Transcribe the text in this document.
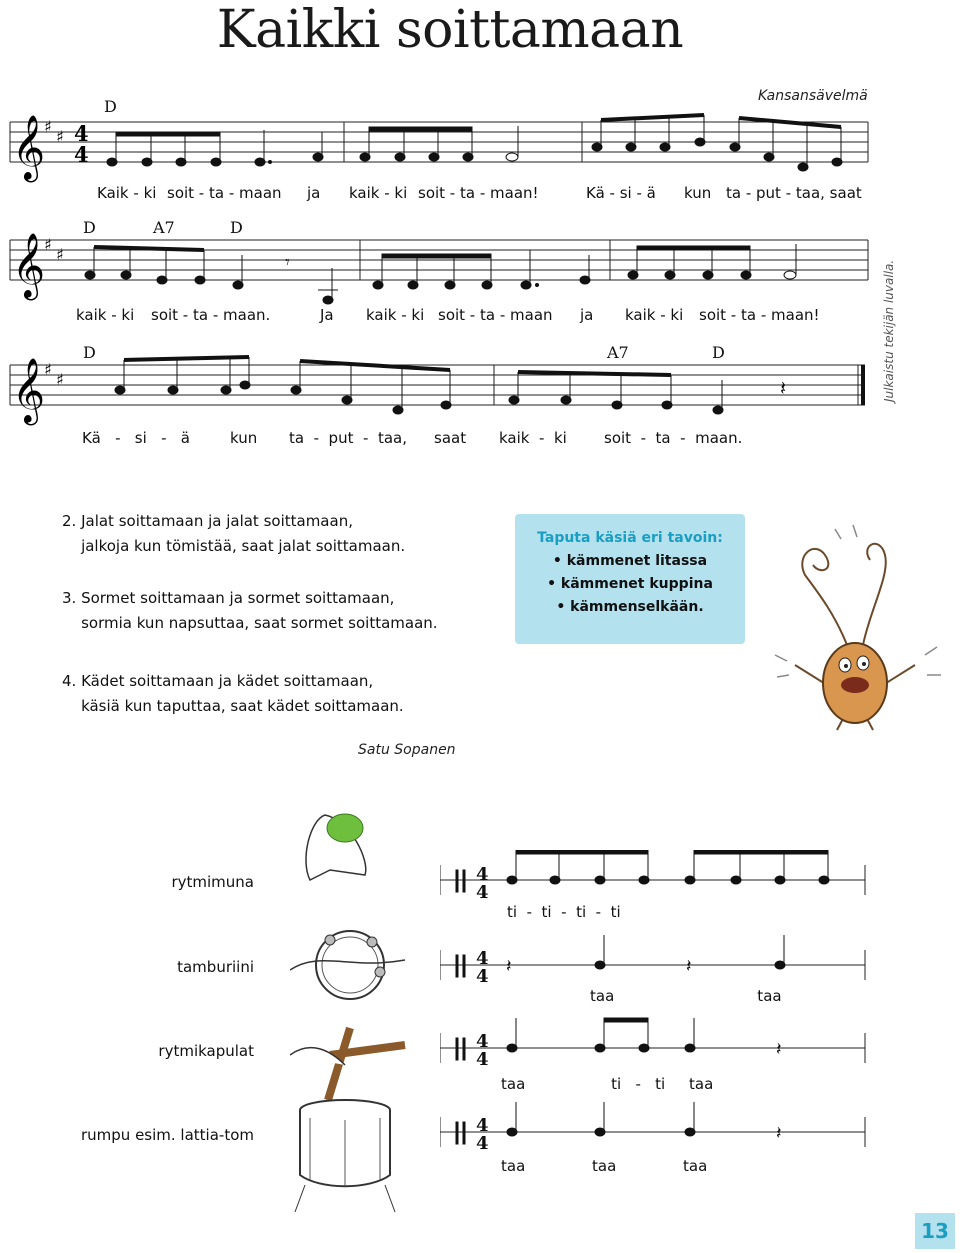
Kaikki soittamaan
Kansansävelmä
Julkaistu tekijän luvalla.
𝄞
♯
♯ 4
4
𝄞
♯
♯	𝄾
𝄞
♯
♯	𝄽
D
D	A7	D
D	A7	D
Kaik - ki soit - ta - maan ja kaik - ki soit - ta - maan!	Kä - si - ä kun ta - put - taa, saat
kaik - ki soit - ta - maan.	Ja kaik - ki soit - ta - maan ja kaik - ki soit - ta - maan!
Kä   -   si   -   ä	kun ta  -  put  -  taa, saat kaik  -  ki soit  -  ta  -  maan.
2. Jalat soittamaan ja jalat soittamaan,
jalkoja kun tömistää, saat jalat soittamaan.
3. Sormet soittamaan ja sormet soittamaan,
sormia kun napsuttaa, saat sormet soittamaan.
4. Kädet soittamaan ja kädet soittamaan,
käsiä kun taputtaa, saat kädet soittamaan.
Satu Sopanen
Taputa käsiä eri tavoin:
• kämmenet litassa
• kämmenet kuppina
• kämmenselkään.
rytmimuna
tamburiini
rytmikapulat
rumpu esim. lattia-tom
4
4
4
4
4
4
4
4
𝄽	𝄽
𝄽
𝄽
ti  -  ti  -  ti  -  ti
taa                              taa
taa                  ti   -   ti     taa
taa              taa              taa
13
